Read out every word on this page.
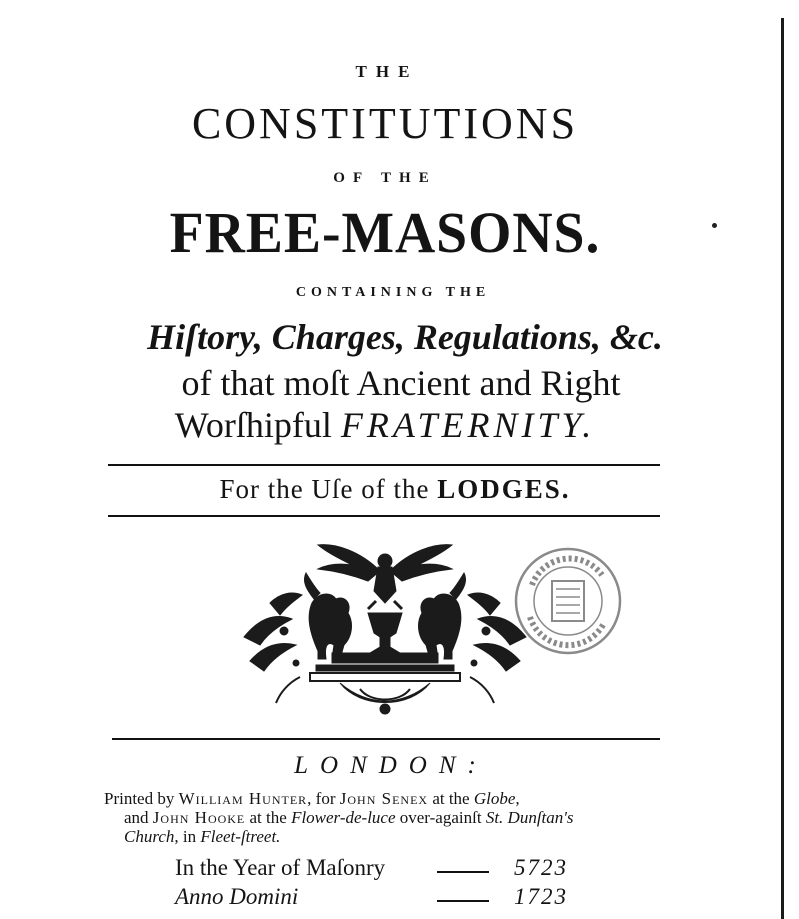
THE
CONSTITUTIONS
OF THE
FREE-MASONS.
CONTAINING THE
Hiſtory, Charges, Regulations, &c.
of that moſt Ancient and Right
Worſhipful FRATERNITY.
For the Uſe of the LODGES.
LONDON:
Printed by William Hunter, for John Senex at the Globe,
and John Hooke at the Flower-de-luce over-againſt St. Dunſtan's
Church, in Fleet-ſtreet.
In the Year of Maſonry	5723
Anno Domini	1723
